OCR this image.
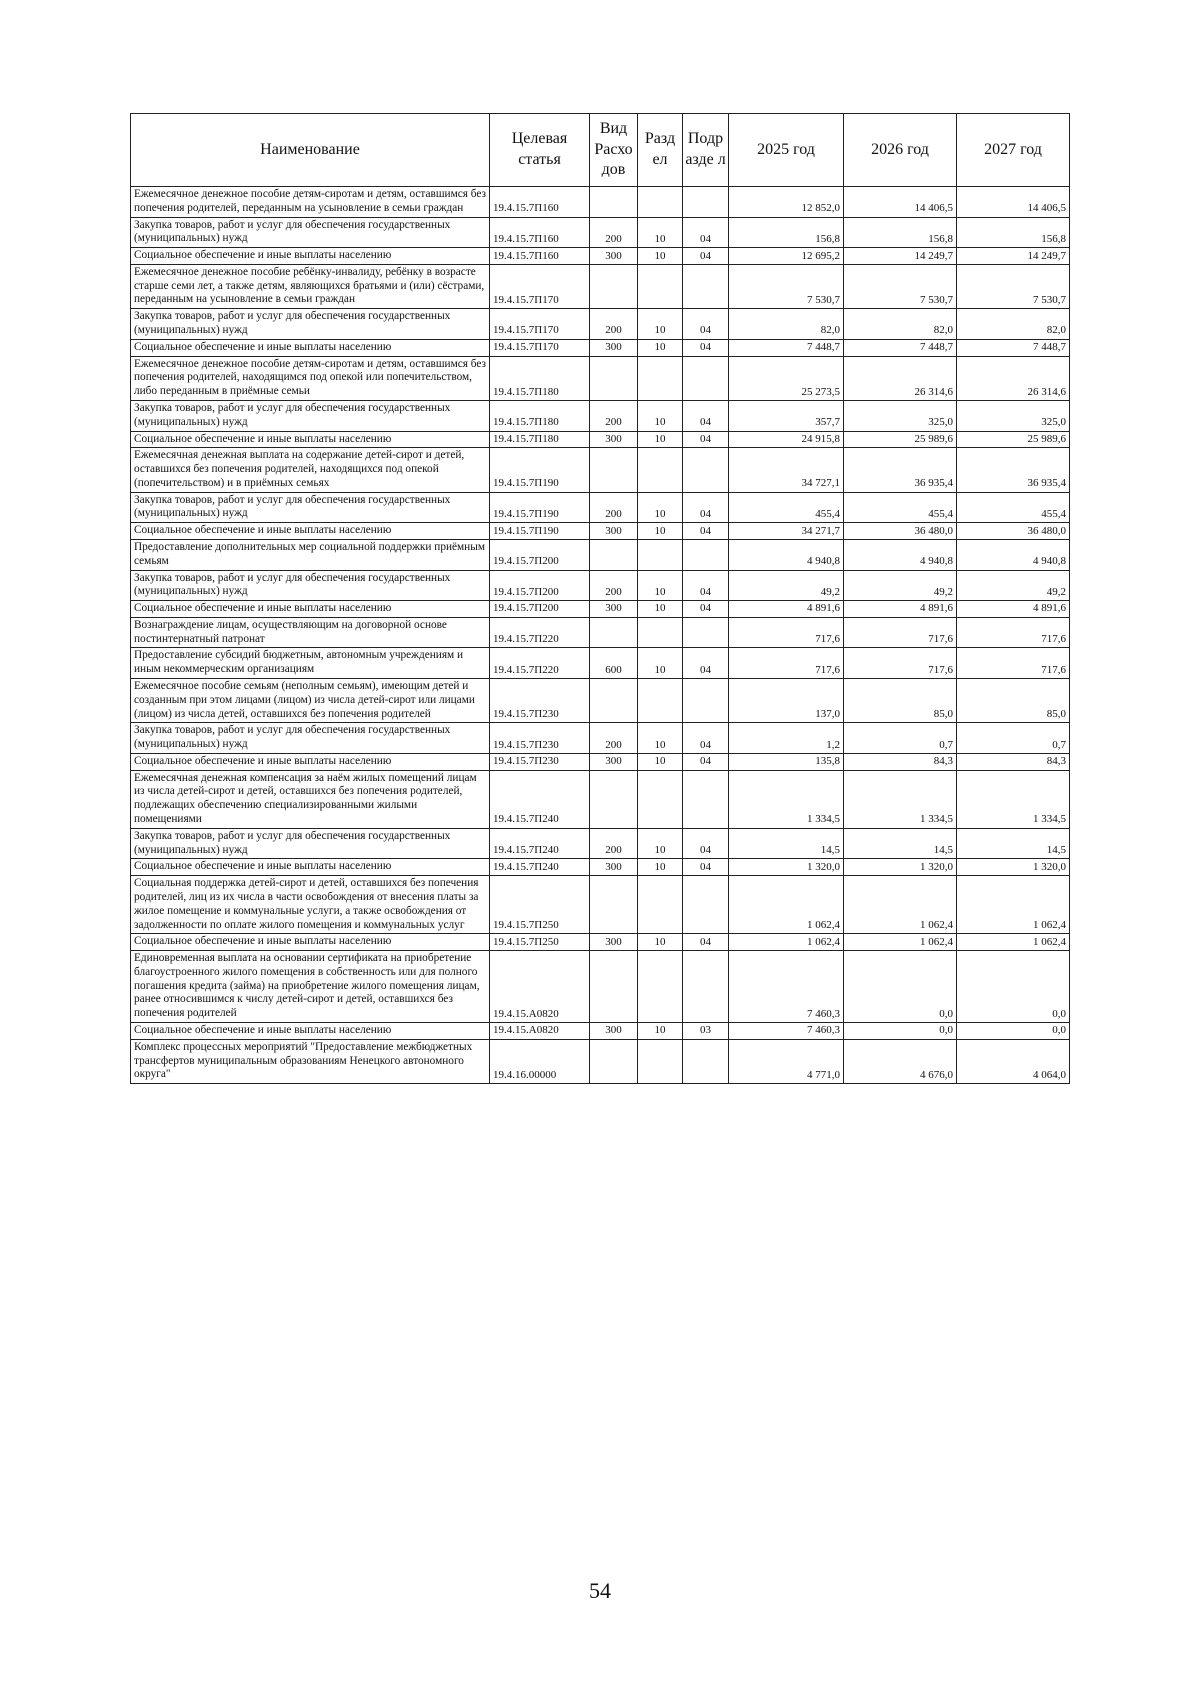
Наименование	Целевая статья	Вид Расхо дов	Разд ел	Подр азде л	2025 год	2026 год	2027 год
Ежемесячное денежное пособие детям-сиротам и детям, оставшимся без попечения родителей, переданным на усыновление в семьи граждан	19.4.15.7П160				12 852,0	14 406,5	14 406,5
Закупка товаров, работ и услуг для обеспечения государственных (муниципальных) нужд	19.4.15.7П160	200	10	04	156,8	156,8	156,8
Социальное обеспечение и иные выплаты населению	19.4.15.7П160	300	10	04	12 695,2	14 249,7	14 249,7
Ежемесячное денежное пособие ребёнку-инвалиду, ребёнку в возрасте старше семи лет, а также детям, являющихся братьями и (или) сёстрами, переданным на усыновление в семьи граждан	19.4.15.7П170				7 530,7	7 530,7	7 530,7
Закупка товаров, работ и услуг для обеспечения государственных (муниципальных) нужд	19.4.15.7П170	200	10	04	82,0	82,0	82,0
Социальное обеспечение и иные выплаты населению	19.4.15.7П170	300	10	04	7 448,7	7 448,7	7 448,7
Ежемесячное денежное пособие детям-сиротам и детям, оставшимся без попечения родителей, находящимся под опекой или попечительством, либо переданным в приёмные семьи	19.4.15.7П180				25 273,5	26 314,6	26 314,6
Закупка товаров, работ и услуг для обеспечения государственных (муниципальных) нужд	19.4.15.7П180	200	10	04	357,7	325,0	325,0
Социальное обеспечение и иные выплаты населению	19.4.15.7П180	300	10	04	24 915,8	25 989,6	25 989,6
Ежемесячная денежная выплата на содержание детей-сирот и детей, оставшихся без попечения родителей, находящихся под опекой (попечительством) и в приёмных семьях	19.4.15.7П190				34 727,1	36 935,4	36 935,4
Закупка товаров, работ и услуг для обеспечения государственных (муниципальных) нужд	19.4.15.7П190	200	10	04	455,4	455,4	455,4
Социальное обеспечение и иные выплаты населению	19.4.15.7П190	300	10	04	34 271,7	36 480,0	36 480,0
Предоставление дополнительных мер социальной поддержки приёмным семьям	19.4.15.7П200				4 940,8	4 940,8	4 940,8
Закупка товаров, работ и услуг для обеспечения государственных (муниципальных) нужд	19.4.15.7П200	200	10	04	49,2	49,2	49,2
Социальное обеспечение и иные выплаты населению	19.4.15.7П200	300	10	04	4 891,6	4 891,6	4 891,6
Вознаграждение лицам, осуществляющим на договорной основе постинтернатный патронат	19.4.15.7П220				717,6	717,6	717,6
Предоставление субсидий бюджетным, автономным учреждениям и иным некоммерческим организациям	19.4.15.7П220	600	10	04	717,6	717,6	717,6
Ежемесячное пособие семьям (неполным семьям), имеющим детей и созданным при этом лицами (лицом) из числа детей-сирот или лицами (лицом) из числа детей, оставшихся без попечения родителей	19.4.15.7П230				137,0	85,0	85,0
Закупка товаров, работ и услуг для обеспечения государственных (муниципальных) нужд	19.4.15.7П230	200	10	04	1,2	0,7	0,7
Социальное обеспечение и иные выплаты населению	19.4.15.7П230	300	10	04	135,8	84,3	84,3
Ежемесячная денежная компенсация за наём жилых помещений лицам из числа детей-сирот и детей, оставшихся без попечения родителей, подлежащих обеспечению специализированными жилыми помещениями	19.4.15.7П240				1 334,5	1 334,5	1 334,5
Закупка товаров, работ и услуг для обеспечения государственных (муниципальных) нужд	19.4.15.7П240	200	10	04	14,5	14,5	14,5
Социальное обеспечение и иные выплаты населению	19.4.15.7П240	300	10	04	1 320,0	1 320,0	1 320,0
Социальная поддержка детей-сирот и детей, оставшихся без попечения родителей, лиц из их числа в части освобождения от внесения платы за жилое помещение и коммунальные услуги, а также освобождения от задолженности по оплате жилого помещения и коммунальных услуг	19.4.15.7П250				1 062,4	1 062,4	1 062,4
Социальное обеспечение и иные выплаты населению	19.4.15.7П250	300	10	04	1 062,4	1 062,4	1 062,4
Единовременная выплата на основании сертификата на приобретение благоустроенного жилого помещения в собственность или для полного погашения кредита (займа) на приобретение жилого помещения лицам, ранее относившимся к числу детей-сирот и детей, оставшихся без попечения родителей	19.4.15.А0820				7 460,3	0,0	0,0
Социальное обеспечение и иные выплаты населению	19.4.15.А0820	300	10	03	7 460,3	0,0	0,0
Комплекс процессных мероприятий "Предоставление межбюджетных трансфертов муниципальным образованиям Ненецкого автономного округа"	19.4.16.00000				4 771,0	4 676,0	4 064,0
54
